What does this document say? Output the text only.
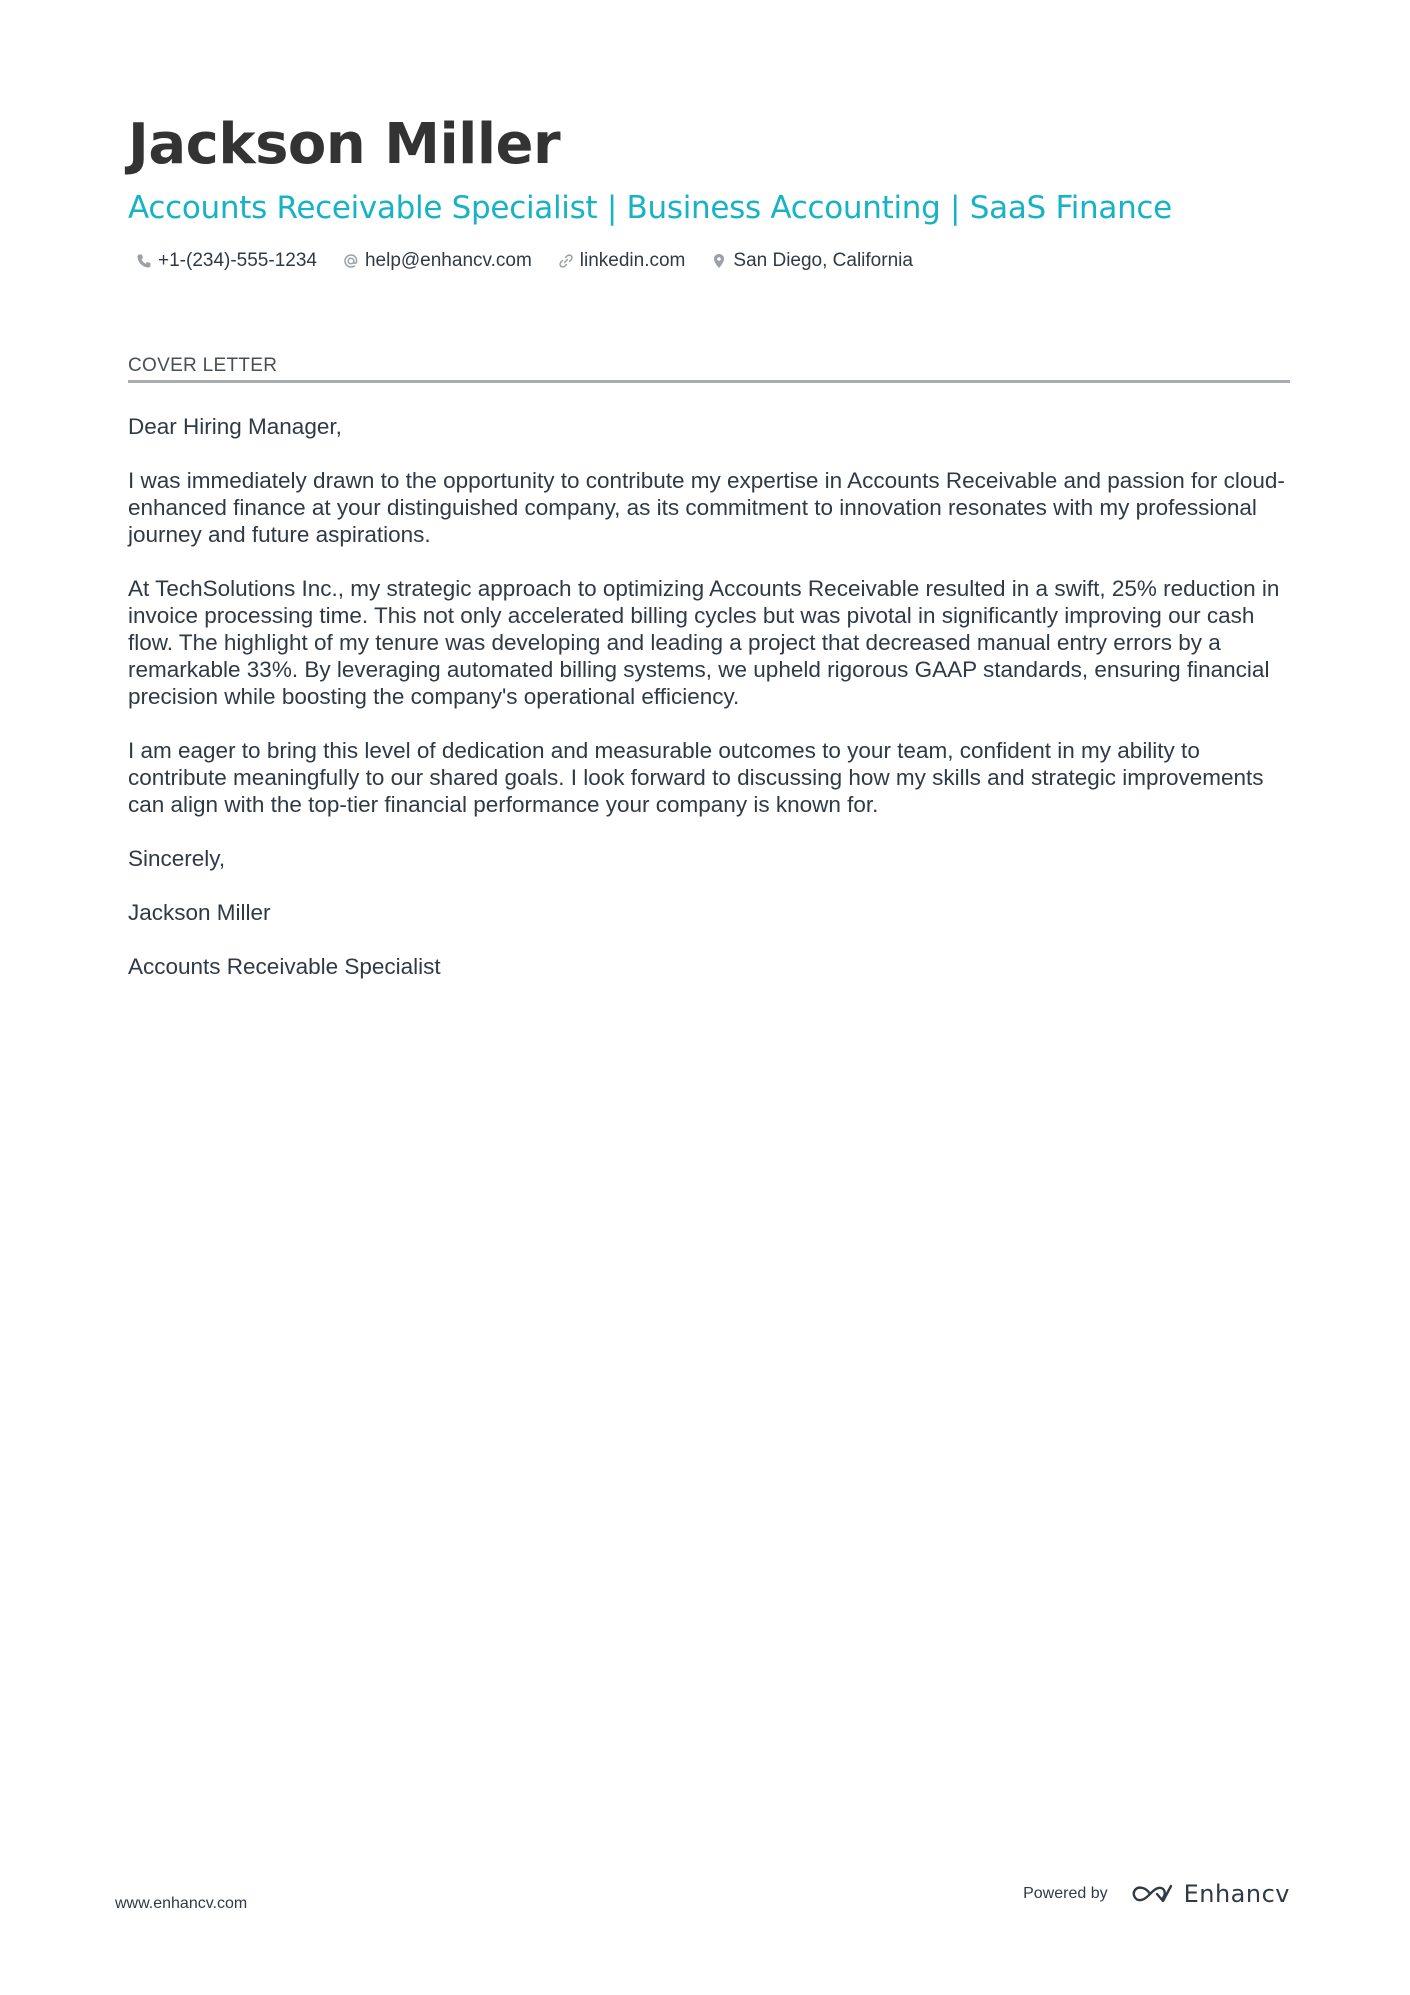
Jackson Miller
Accounts Receivable Specialist | Business Accounting | SaaS Finance
+1-(234)-555-1234	help@enhancv.com	linkedin.com	San Diego, California
COVER LETTER

Dear Hiring Manager,

I was immediately drawn to the opportunity to contribute my expertise in Accounts Receivable and passion for cloud-enhanced finance at your distinguished company, as its commitment to innovation resonates with my professional journey and future aspirations.

At TechSolutions Inc., my strategic approach to optimizing Accounts Receivable resulted in a swift, 25% reduction in invoice processing time. This not only accelerated billing cycles but was pivotal in significantly improving our cash flow. The highlight of my tenure was developing and leading a project that decreased manual entry errors by a remarkable 33%. By leveraging automated billing systems, we upheld rigorous GAAP standards, ensuring financial precision while boosting the company's operational efficiency.

I am eager to bring this level of dedication and measurable outcomes to your team, confident in my ability to contribute meaningfully to our shared goals. I look forward to discussing how my skills and strategic improvements can align with the top-tier financial performance your company is known for.

Sincerely,

Jackson Miller

Accounts Receivable Specialist

www.enhancv.com
Powered by	Enhancv
